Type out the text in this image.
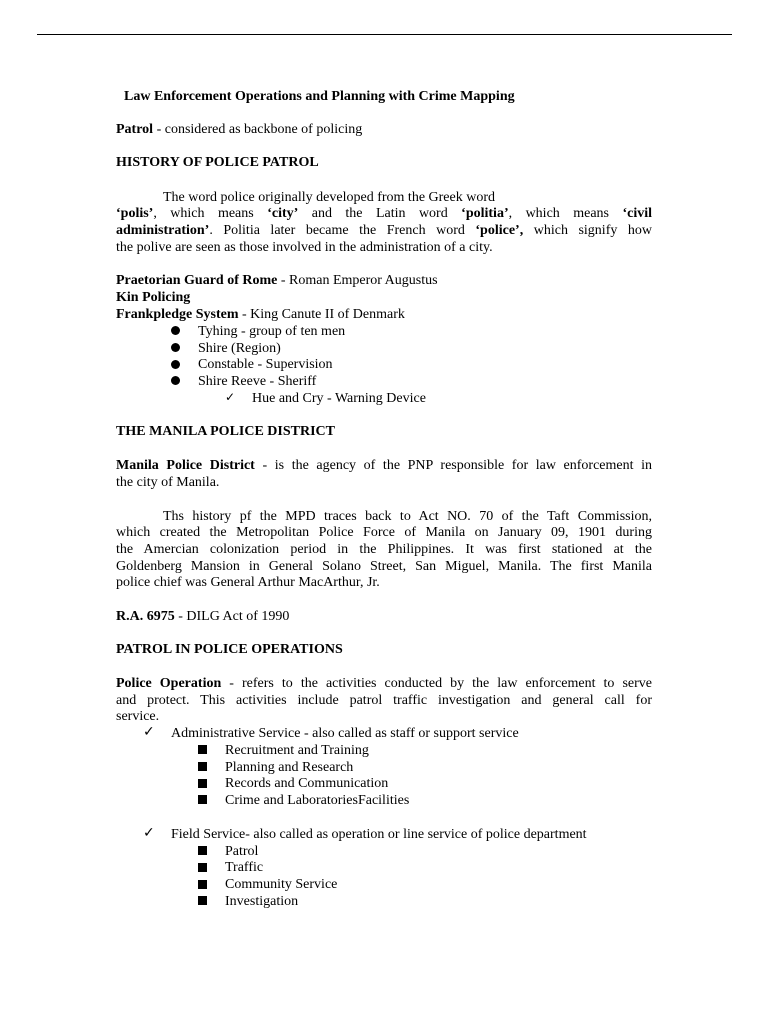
Law Enforcement Operations and Planning with Crime Mapping

Patrol - considered as backbone of policing

HISTORY OF POLICE PATROL

The word police originally developed from the Greek word

‘polis’, which means ‘city’ and the Latin word ‘politia’, which means ‘civil

administration’. Politia later became the French word ‘police’, which signify how

the polive are seen as those involved in the administration of a city.

Praetorian Guard of Rome - Roman Emperor Augustus

Kin Policing

Frankpledge System - King Canute II of Denmark

Tyhing - group of ten men

Shire (Region)

Constable - Supervision

Shire Reeve - Sheriff

✓ Hue and Cry - Warning Device

THE MANILA POLICE DISTRICT

Manila Police District - is the agency of the PNP responsible for law enforcement in

the city of Manila.

Ths history pf the MPD traces back to Act NO. 70 of the Taft Commission,

which created the Metropolitan Police Force of Manila on January 09, 1901 during

the Amercian colonization period in the Philippines. It was first stationed at the

Goldenberg Mansion in General Solano Street, San Miguel, Manila. The first Manila

police chief was General Arthur MacArthur, Jr.

R.A. 6975 - DILG Act of 1990

PATROL IN POLICE OPERATIONS

Police Operation - refers to the activities conducted by the law enforcement to serve

and protect. This activities include patrol traffic investigation and general call for

service.

✓ Administrative Service - also called as staff or support service

Recruitment and Training

Planning and Research

Records and Communication

Crime and LaboratoriesFacilities

✓ Field Service- also called as operation or line service of police department

Patrol

Traffic

Community Service

Investigation
